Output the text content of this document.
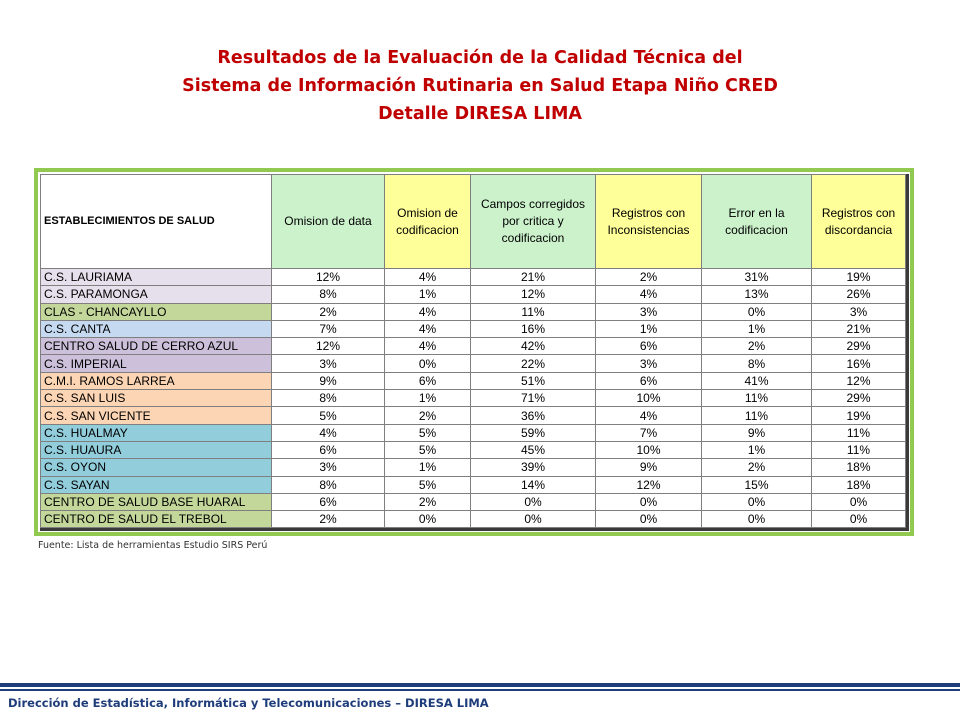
Resultados de la Evaluación de la Calidad Técnica del
Sistema de Información Rutinaria en Salud Etapa Niño CRED
Detalle DIRESA LIMA
ESTABLECIMIENTOS DE SALUD	Omision de data	Omision de codificacion	Campos corregidos por critica y codificacion	Registros con Inconsistencias	Error en la codificacion	Registros con discordancia
C.S. LAURIAMA	12%	4%	21%	2%	31%	19%
C.S. PARAMONGA	8%	1%	12%	4%	13%	26%
CLAS - CHANCAYLLO	2%	4%	11%	3%	0%	3%
C.S. CANTA	7%	4%	16%	1%	1%	21%
CENTRO SALUD DE CERRO AZUL	12%	4%	42%	6%	2%	29%
C.S. IMPERIAL	3%	0%	22%	3%	8%	16%
C.M.I. RAMOS LARREA	9%	6%	51%	6%	41%	12%
C.S. SAN LUIS	8%	1%	71%	10%	11%	29%
C.S. SAN VICENTE	5%	2%	36%	4%	11%	19%
C.S. HUALMAY	4%	5%	59%	7%	9%	11%
C.S. HUAURA	6%	5%	45%	10%	1%	11%
C.S. OYON	3%	1%	39%	9%	2%	18%
C.S. SAYAN	8%	5%	14%	12%	15%	18%
CENTRO DE SALUD BASE HUARAL	6%	2%	0%	0%	0%	0%
CENTRO DE SALUD EL TREBOL	2%	0%	0%	0%	0%	0%
Fuente: Lista de herramientas Estudio SIRS Perú
Dirección de Estadística, Informática y Telecomunicaciones – DIRESA LIMA
